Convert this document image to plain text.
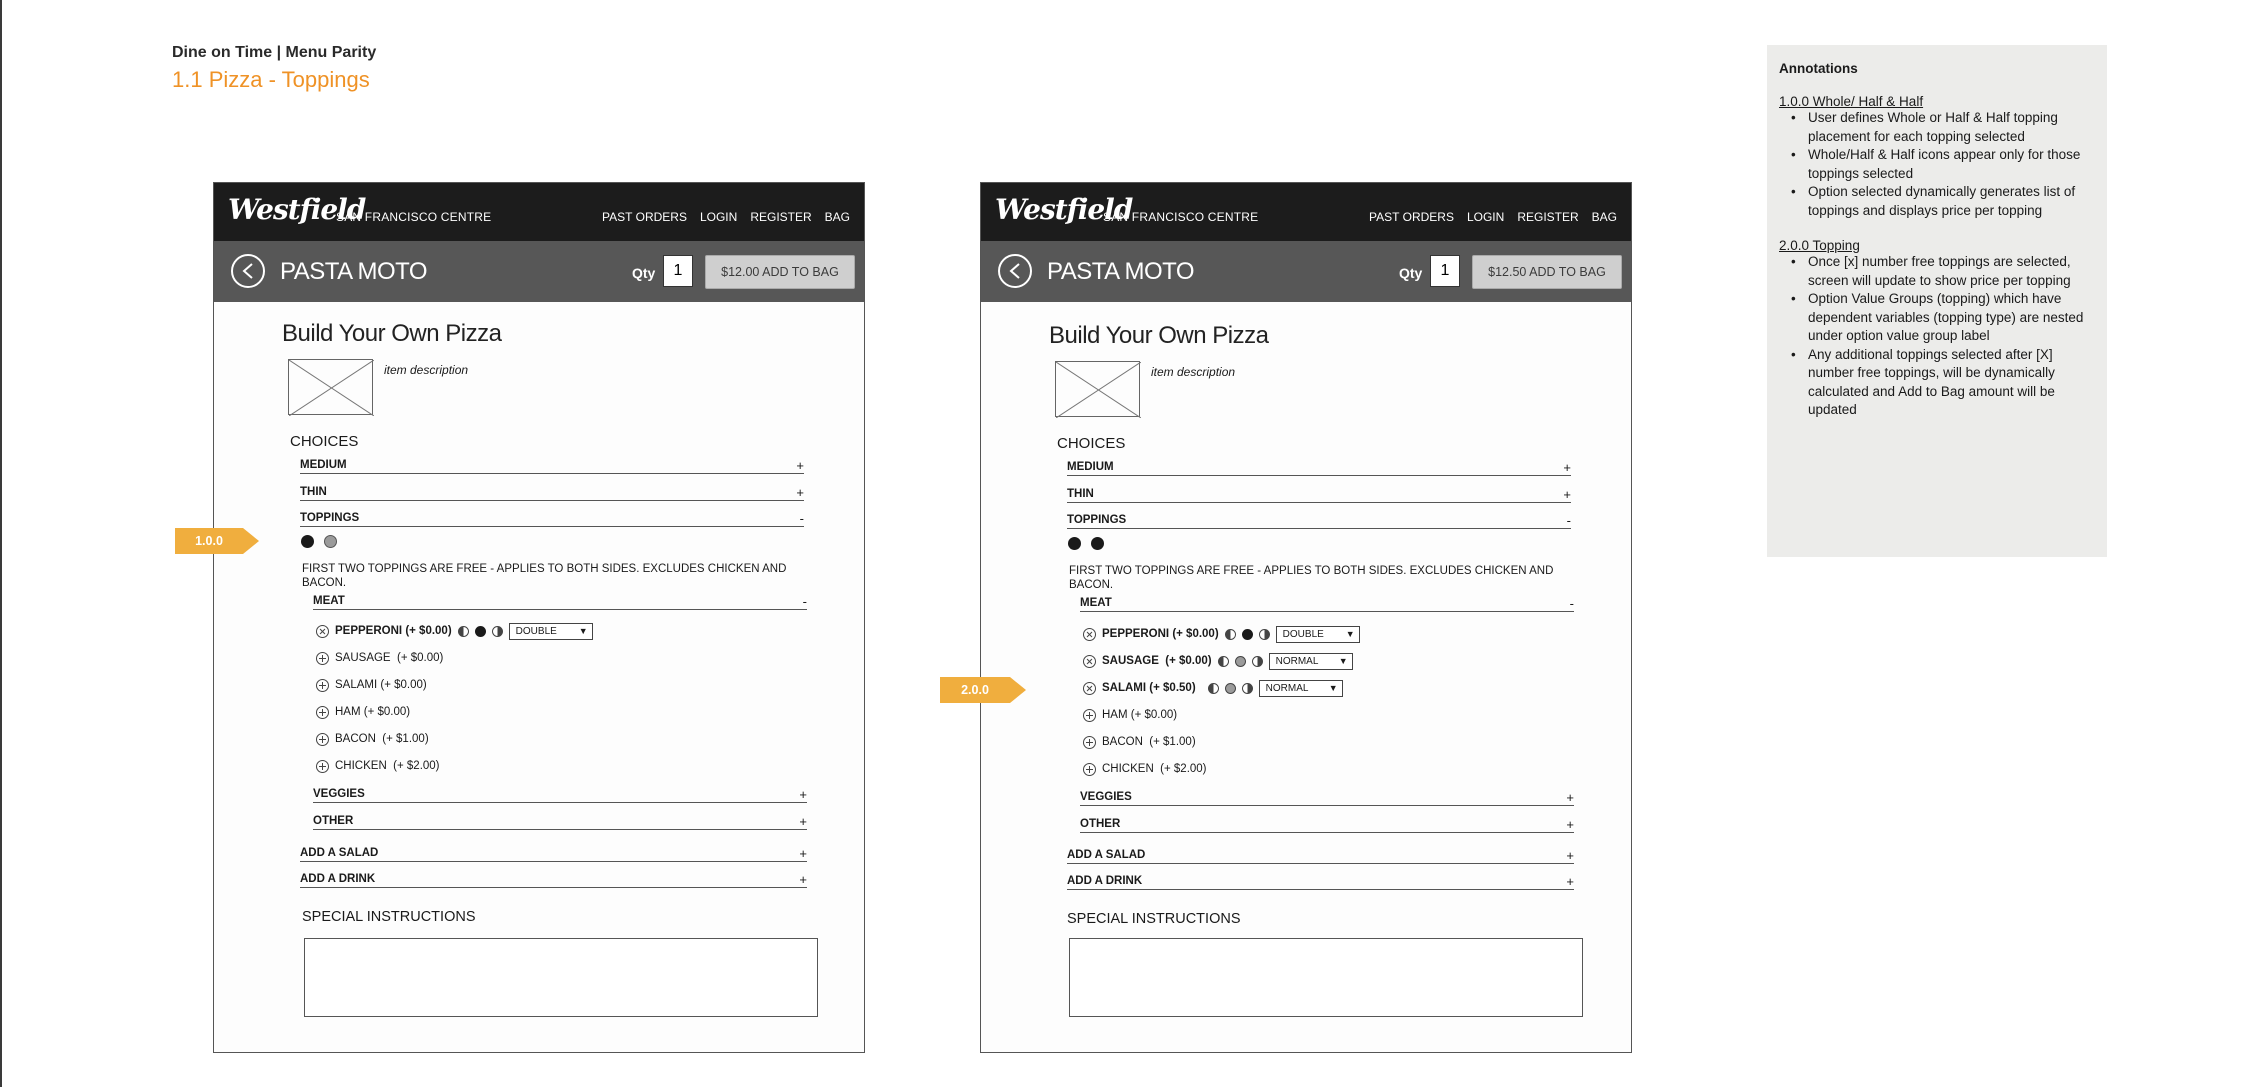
Dine on Time | Menu Parity
1.1 Pizza - Toppings
Westfield
SAN FRANCISCO CENTRE	PAST ORDERS LOGIN REGISTER BAG
PASTA MOTO	Qty	1	$12.00 ADD TO BAG
Build Your Own Pizza
item description
CHOICES
MEDIUM	+
THIN	+
TOPPINGS	-
FIRST TWO TOPPINGS ARE FREE - APPLIES TO BOTH SIDES. EXCLUDES CHICKEN AND BACON.
MEAT	-
PEPPERONI (+ $0.00)	DOUBLE ▼
SAUSAGE (+ $0.00)
SALAMI (+ $0.00)
HAM (+ $0.00)
BACON (+ $1.00)
CHICKEN (+ $2.00)
VEGGIES	+
OTHER	+
ADD A SALAD	+
ADD A DRINK	+
SPECIAL INSTRUCTIONS
1.0.0
Westfield
SAN FRANCISCO CENTRE	PAST ORDERS LOGIN REGISTER BAG
PASTA MOTO	Qty	1	$12.50 ADD TO BAG
Build Your Own Pizza
item description
CHOICES
MEDIUM	+
THIN	+
TOPPINGS	-
FIRST TWO TOPPINGS ARE FREE - APPLIES TO BOTH SIDES. EXCLUDES CHICKEN AND BACON.
MEAT	-
PEPPERONI (+ $0.00)	DOUBLE ▼
SAUSAGE (+ $0.00)	NORMAL ▼
SALAMI (+ $0.50)	NORMAL ▼
HAM (+ $0.00)
BACON (+ $1.00)
CHICKEN (+ $2.00)
VEGGIES	+
OTHER	+
ADD A SALAD	+
ADD A DRINK	+
SPECIAL INSTRUCTIONS
2.0.0
Annotations
1.0.0 Whole/ Half & Half
• User defines Whole or Half & Half topping placement for each topping selected
• Whole/Half & Half icons appear only for those toppings selected
• Option selected dynamically generates list of toppings and displays price per topping
2.0.0 Topping
• Once [x] number free toppings are selected, screen will update to show price per topping
• Option Value Groups (topping) which have dependent variables (topping type) are nested under option value group label
• Any additional toppings selected after [X] number free toppings, will be dynamically calculated and Add to Bag amount will be updated
